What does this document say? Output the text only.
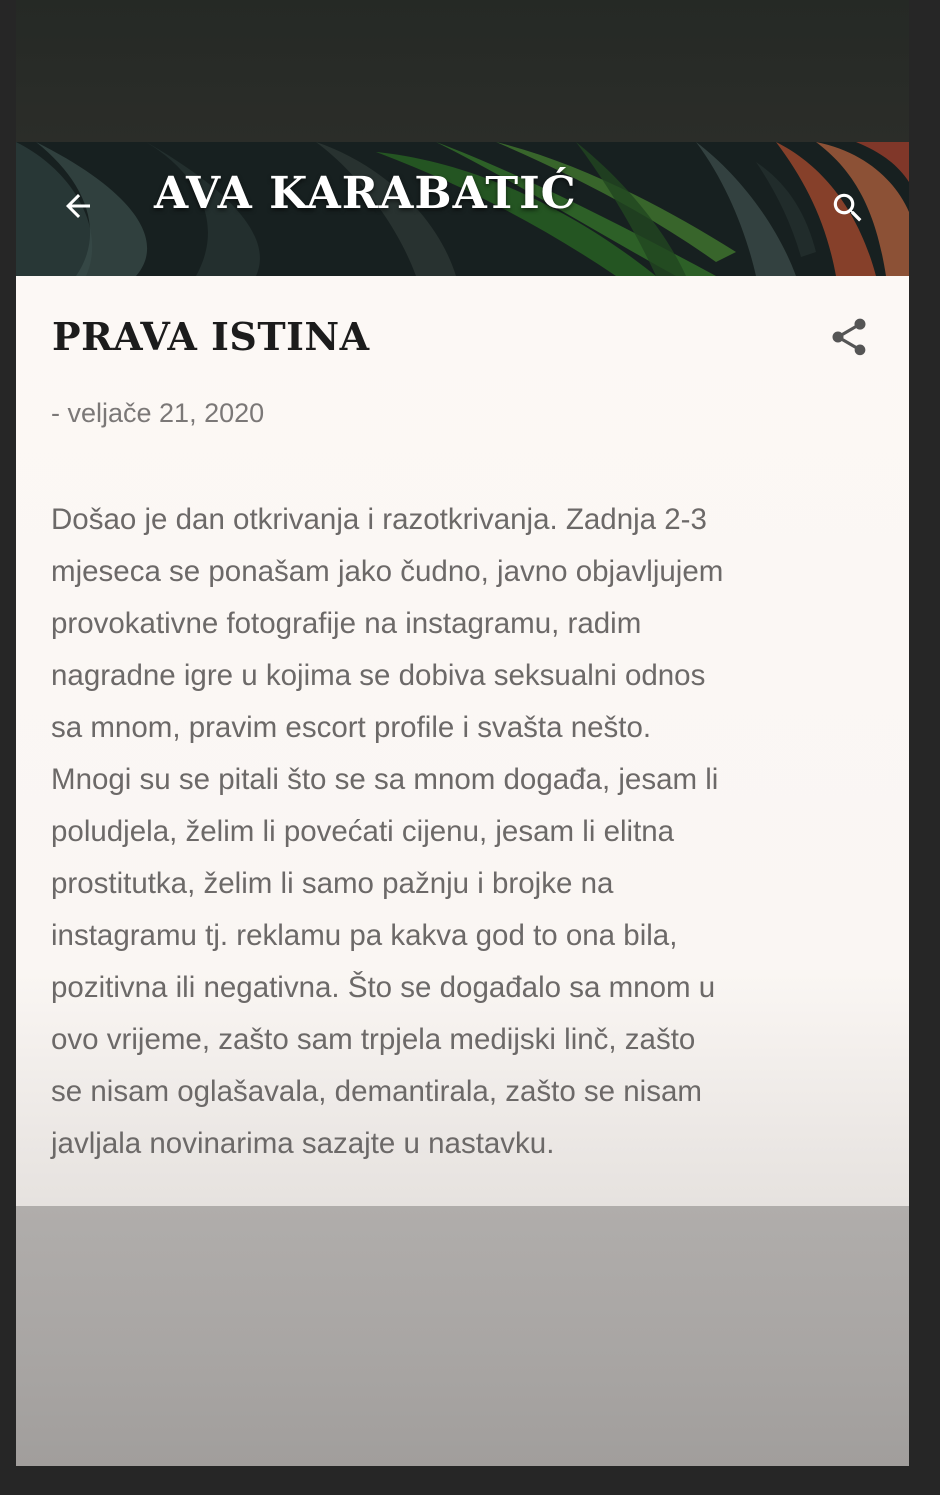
AVA KARABATIĆ
PRAVA ISTINA
- veljače 21, 2020
Došao je dan otkrivanja i razotkrivanja. Zadnja 2-3
mjeseca se ponašam jako čudno, javno objavljujem
provokativne fotografije na instagramu, radim
nagradne igre u kojima se dobiva seksualni odnos
sa mnom, pravim escort profile i svašta nešto.
Mnogi su se pitali što se sa mnom događa, jesam li
poludjela, želim li povećati cijenu, jesam li elitna
prostitutka, želim li samo pažnju i brojke na
instagramu tj. reklamu pa kakva god to ona bila,
pozitivna ili negativna. Što se događalo sa mnom u
ovo vrijeme, zašto sam trpjela medijski linč, zašto
se nisam oglašavala, demantirala, zašto se nisam
javljala novinarima sazajte u nastavku.
